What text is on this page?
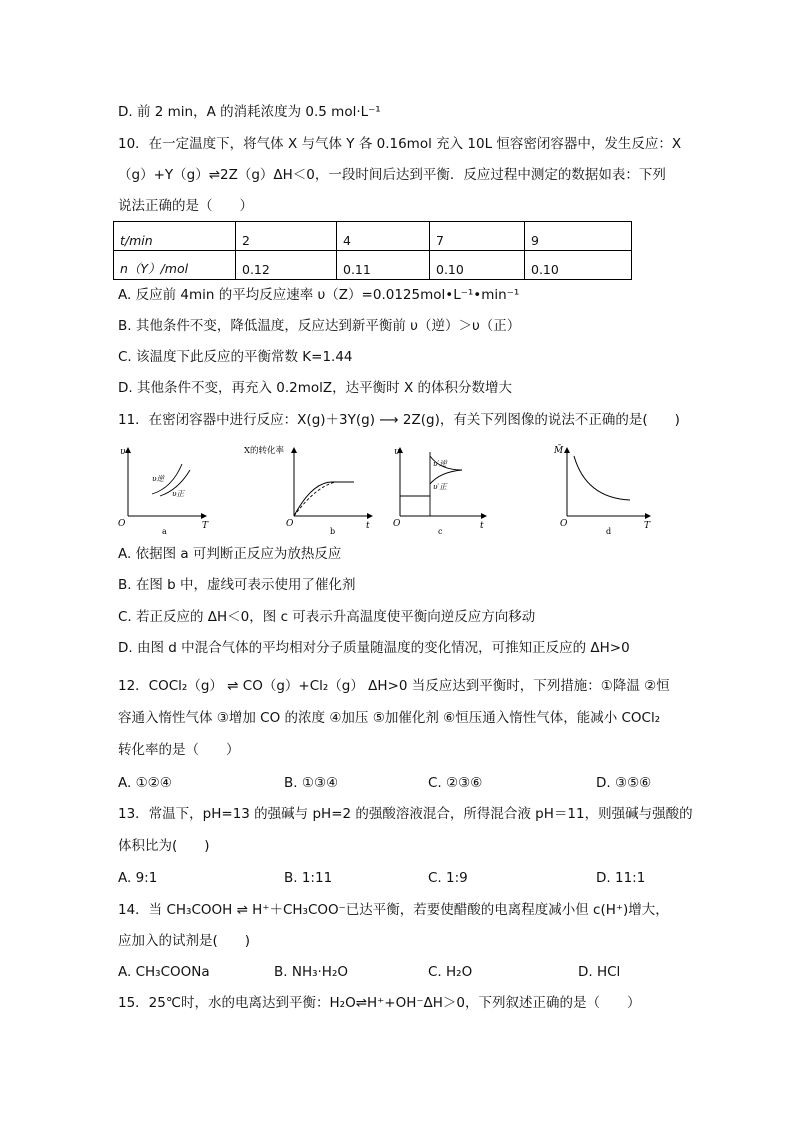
D. 前 2 min，A 的消耗浓度为 0.5 mol·L⁻¹
10．在一定温度下，将气体 X 与气体 Y 各 0.16mol 充入 10L 恒容密闭容器中，发生反应：X
（g）+Y（g）⇌2Z（g）ΔH＜0，一段时间后达到平衡．反应过程中测定的数据如表：下列
说法正确的是（　　）
t/min	2	4	7	9
n（Y）/mol	0.12	0.11	0.10	0.10
A. 反应前 4min 的平均反应速率 υ（Z）=0.0125mol•L⁻¹•min⁻¹
B. 其他条件不变，降低温度，反应达到新平衡前 υ（逆）＞υ（正）
C. 该温度下此反应的平衡常数 K=1.44
D. 其他条件不变，再充入 0.2molZ，达平衡时 X 的体积分数增大
11．在密闭容器中进行反应：X(g)＋3Y(g) ⟶ 2Z(g)，有关下列图像的说法不正确的是(　　)
υ
T
O
a
υ逆
υ正
X的转化率
t
O
b
υ
t
O
c
υ′逆
υ′正
M̄
T
O
d
A. 依据图 a 可判断正反应为放热反应
B. 在图 b 中，虚线可表示使用了催化剂
C. 若正反应的 ΔH＜0，图 c 可表示升高温度使平衡向逆反应方向移动
D. 由图 d 中混合气体的平均相对分子质量随温度的变化情况，可推知正反应的 ΔH>0
12．COCl₂（g） ⇌ CO（g）+Cl₂（g） ΔH>0 当反应达到平衡时，下列措施：①降温 ②恒
容通入惰性气体 ③增加 CO 的浓度 ④加压 ⑤加催化剂 ⑥恒压通入惰性气体，能减小 COCl₂
转化率的是（　　）
A. ①②④	B. ①③④	C. ②③⑥	D. ③⑤⑥
13．常温下，pH=13 的强碱与 pH=2 的强酸溶液混合，所得混合液 pH＝11，则强碱与强酸的
体积比为(　　)
A. 9:1	B. 1:11	C. 1:9	D. 11:1
14．当 CH₃COOH ⇌ H⁺＋CH₃COO⁻已达平衡，若要使醋酸的电离程度减小但 c(H⁺)增大，
应加入的试剂是(　　)
A. CH₃COONa	B. NH₃·H₂O	C. H₂O	D. HCl
15．25℃时，水的电离达到平衡：H₂O⇌H⁺+OH⁻ΔH＞0，下列叙述正确的是（　　）
